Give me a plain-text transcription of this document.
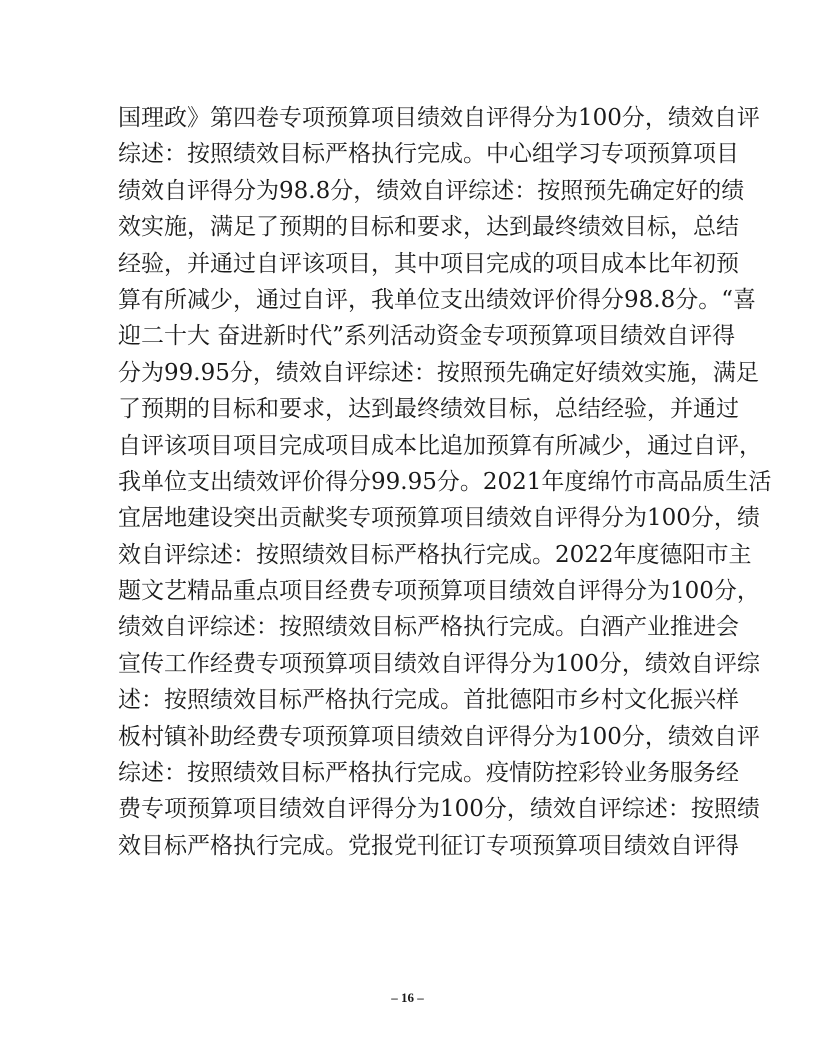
国理政》第四卷专项预算项目绩效自评得分为100分，绩效自评
综述：按照绩效目标严格执行完成。中心组学习专项预算项目
绩效自评得分为98.8分，绩效自评综述：按照预先确定好的绩
效实施，满足了预期的目标和要求，达到最终绩效目标，总结
经验，并通过自评该项目，其中项目完成的项目成本比年初预
算有所减少，通过自评，我单位支出绩效评价得分98.8分。“喜
迎二十大 奋进新时代”系列活动资金专项预算项目绩效自评得
分为99.95分，绩效自评综述：按照预先确定好绩效实施，满足
了预期的目标和要求，达到最终绩效目标，总结经验，并通过
自评该项目项目完成项目成本比追加预算有所减少，通过自评，
我单位支出绩效评价得分99.95分。2021年度绵竹市高品质生活
宜居地建设突出贡献奖专项预算项目绩效自评得分为100分，绩
效自评综述：按照绩效目标严格执行完成。2022年度德阳市主
题文艺精品重点项目经费专项预算项目绩效自评得分为100分，
绩效自评综述：按照绩效目标严格执行完成。白酒产业推进会
宣传工作经费专项预算项目绩效自评得分为100分，绩效自评综
述：按照绩效目标严格执行完成。首批德阳市乡村文化振兴样
板村镇补助经费专项预算项目绩效自评得分为100分，绩效自评
综述：按照绩效目标严格执行完成。疫情防控彩铃业务服务经
费专项预算项目绩效自评得分为100分，绩效自评综述：按照绩
效目标严格执行完成。党报党刊征订专项预算项目绩效自评得
– 16 –
